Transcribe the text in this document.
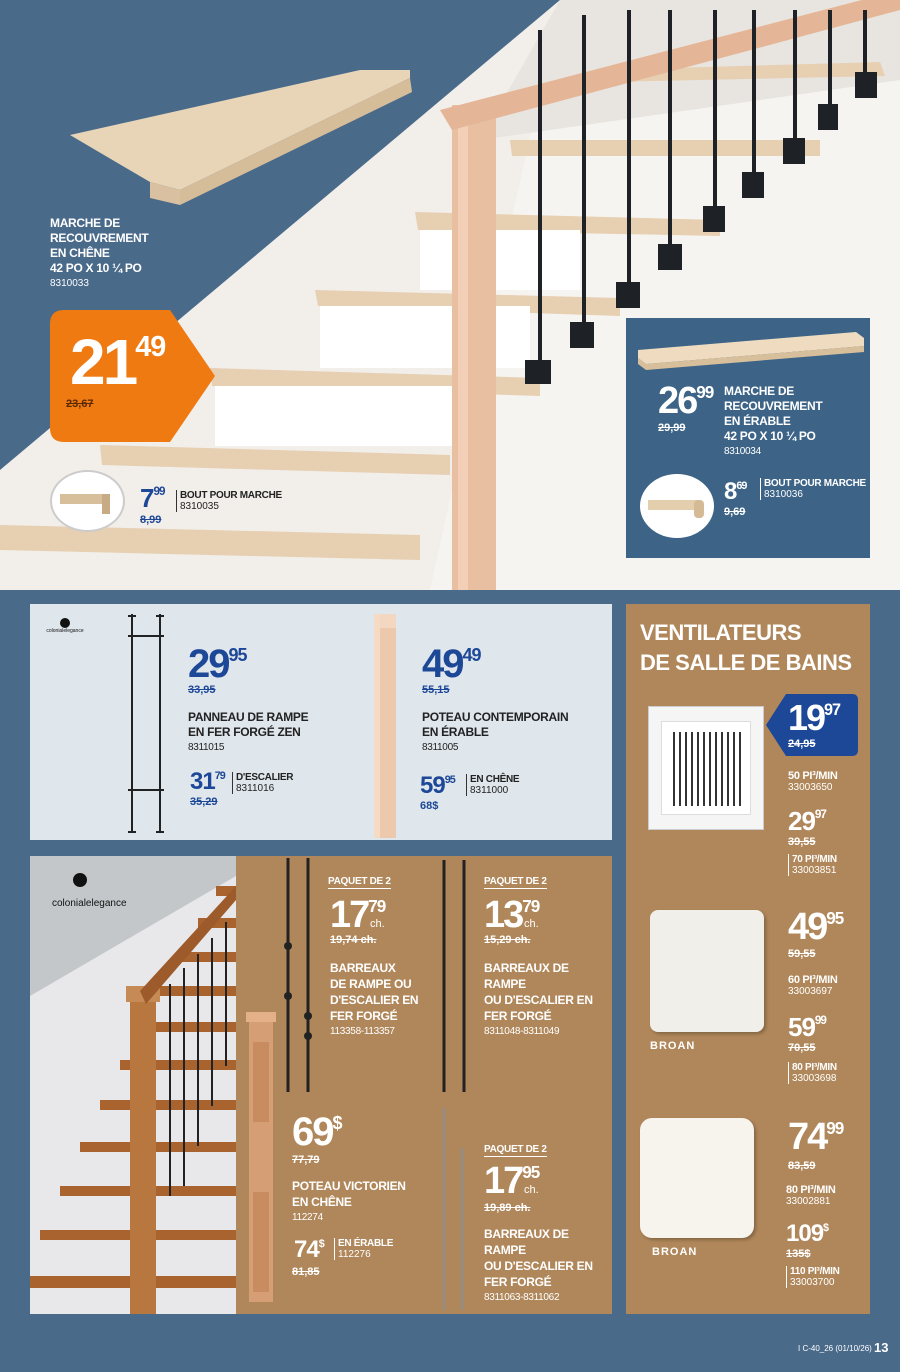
MARCHE DE
RECOUVREMENT
EN CHÊNE
42 PO X 10 ¼ PO
8310033
$21^{49}$
23,67
$7^{99}$
8,99
BOUT POUR MARCHE
8310035
$26^{99}$
29,99
MARCHE DE
RECOUVREMENT
EN ÉRABLE
42 PO X 10 ¼ PO
8310034
$8^{69}$
9,69
BOUT POUR MARCHE
8310036
colonialelegance
$29^{95}$
33,95
PANNEAU DE RAMPE
EN FER FORGÉ ZEN
8311015
$31^{79}$
35,29
D'ESCALIER
8311016
$49^{49}$
55,15
POTEAU CONTEMPORAIN
EN ÉRABLE
8311005
$59^{95}$
68$
EN CHÊNE
8311000
colonialelegance
PAQUET DE 2
$17^{79}$
ch.
19,74 ch.
BARREAUX
DE RAMPE OU
D'ESCALIER EN
FER FORGÉ
113358-113357
PAQUET DE 2
$13^{79}$
ch.
15,29 ch.
BARREAUX DE RAMPE
OU D'ESCALIER EN
FER FORGÉ
8311048-8311049
69$
77,79
POTEAU VICTORIEN
EN CHÊNE
112274
74$
81,85
EN ÉRABLE
112276
PAQUET DE 2
$17^{95}$
ch.
19,89 ch.
BARREAUX DE RAMPE
OU D'ESCALIER EN
FER FORGÉ
8311063-8311062
VENTILATEURS
DE SALLE DE BAINS
$19^{97}$
24,95
50 PI³/MIN
33003650
$29^{97}$
39,55
70 PI³/MIN
33003851
BROAN
$49^{95}$
59,55
60 PI³/MIN
33003697
$59^{99}$
70,55
80 PI³/MIN
33003698
BROAN
$74^{99}$
83,59
80 PI³/MIN
33002881
109$
135$
110 PI³/MIN
33003700
I C-40_26 (01/10/26) 13
